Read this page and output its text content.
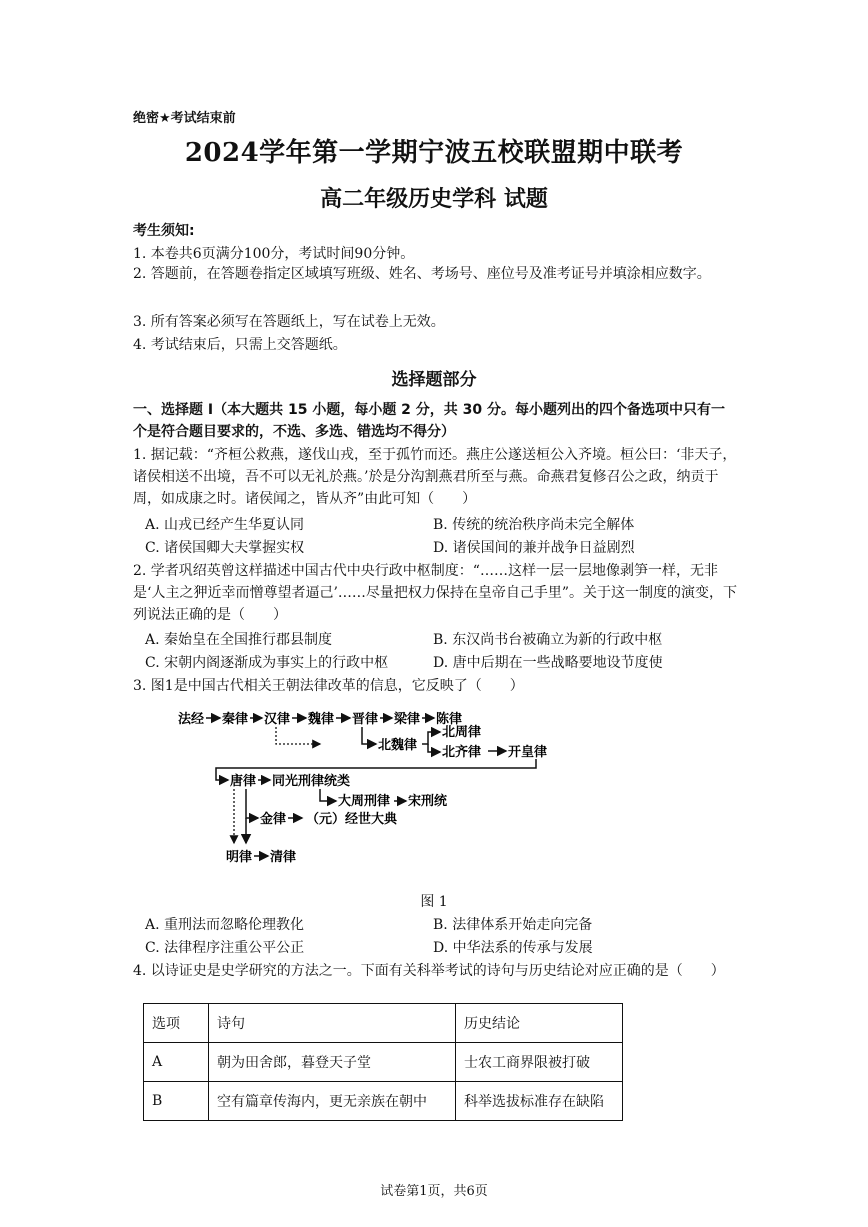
绝密★考试结束前
2024学年第一学期宁波五校联盟期中联考
高二年级历史学科 试题
考生须知:
1. 本卷共6页满分100分，考试时间90分钟。
2. 答题前，在答题卷指定区域填写班级、姓名、考场号、座位号及准考证号并填涂相应数字。
3. 所有答案必须写在答题纸上，写在试卷上无效。
4. 考试结束后，只需上交答题纸。
选择题部分
一、选择题 I（本大题共 15 小题，每小题 2 分，共 30 分。每小题列出的四个备选项中只有一个是符合题目要求的，不选、多选、错选均不得分）
1. 据记载：“齐桓公救燕，遂伐山戎，至于孤竹而还。燕庄公遂送桓公入齐境。桓公曰：‘非天子，诸侯相送不出境，吾不可以无礼於燕。’於是分沟割燕君所至与燕。命燕君复修召公之政，纳贡于周，如成康之时。诸侯闻之，皆从齐”由此可知（　　）
A. 山戎已经产生华夏认同	B. 传统的统治秩序尚未完全解体
C. 诸侯国卿大夫掌握实权	D. 诸侯国间的兼并战争日益剧烈
2. 学者巩绍英曾这样描述中国古代中央行政中枢制度：“……这样一层一层地像剥笋一样，无非是‘人主之狎近幸而憎尊望者逼己’……尽量把权力保持在皇帝自己手里”。关于这一制度的演变，下列说法正确的是（　　）
A. 秦始皇在全国推行郡县制度	B. 东汉尚书台被确立为新的行政中枢
C. 宋朝内阁逐渐成为事实上的行政中枢	D. 唐中后期在一些战略要地设节度使
3. 图1是中国古代相关王朝法律改革的信息，它反映了（　　）
法经 秦律 汉律 魏律 晋律 梁律 陈律
北魏律
北周律
北齐律 开皇律
唐律 同光刑律统类
大周刑律 宋刑统
金律 （元）经世大典
明律 清律
图 1
A. 重刑法而忽略伦理教化	B. 法律体系开始走向完备
C. 法律程序注重公平公正	D. 中华法系的传承与发展
4. 以诗证史是史学研究的方法之一。下面有关科举考试的诗句与历史结论对应正确的是（　　）
选项	诗句	历史结论
A	朝为田舍郎，暮登天子堂	士农工商界限被打破
B	空有篇章传海内，更无亲族在朝中	科举选拔标准存在缺陷
试卷第1页，共6页
